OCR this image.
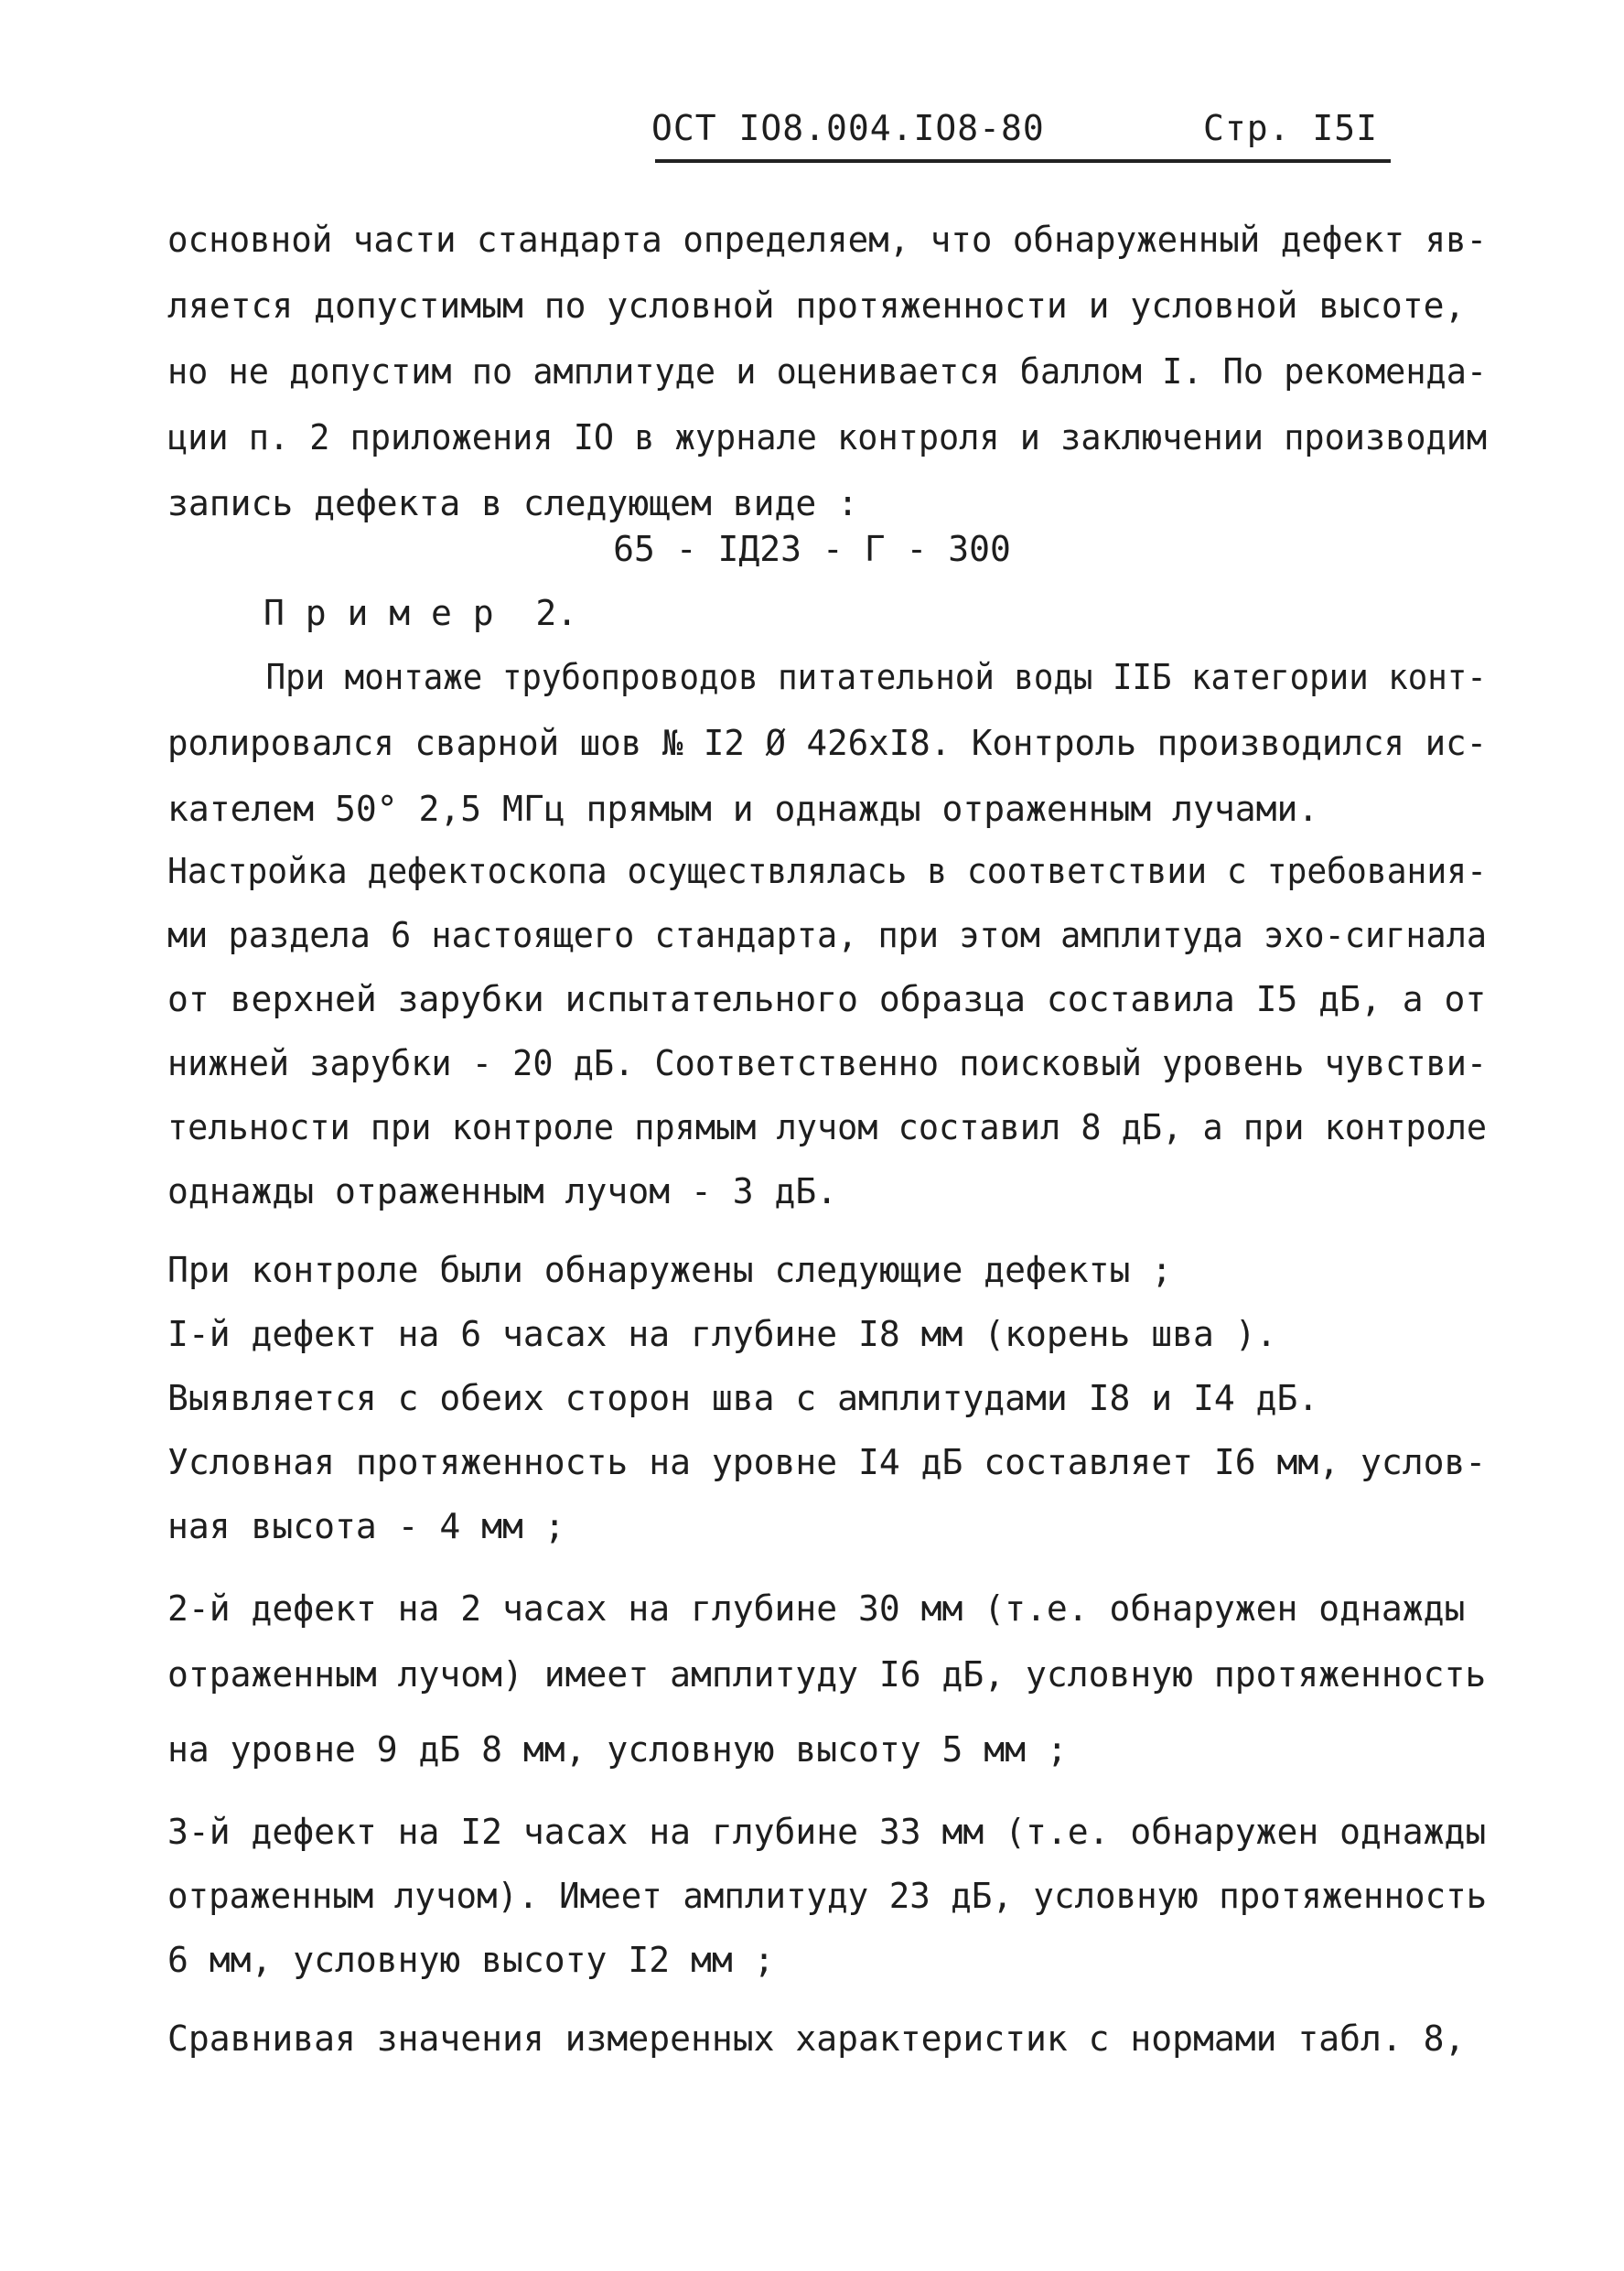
ОСТ IO8.004.IO8-80	Стр. I5I
основной части стандарта определяем, что обнаруженный дефект яв-
ляется допустимым по условной протяженности и условной высоте,
но не допустим по амплитуде и оценивается баллом I. По рекоменда-
ции п. 2 приложения IO в журнале контроля и заключении производим
запись дефекта в следующем виде :
65 - IД23 - Г - 300
П р и м е р  2.
При монтаже трубопроводов питательной воды IIБ категории конт-
ролировался сварной шов № I2 Ø 426xI8. Контроль производился ис-
кателем 50° 2,5 МГц прямым и однажды отраженным лучами.
Настройка дефектоскопа осуществлялась в соответствии с требования-
ми раздела 6 настоящего стандарта, при этом амплитуда эхо-сигнала
от верхней зарубки испытательного образца составила I5 дБ, а от
нижней зарубки - 20 дБ. Соответственно поисковый уровень чувстви-
тельности при контроле прямым лучом составил 8 дБ, а при контроле
однажды отраженным лучом - 3 дБ.
При контроле были обнаружены следующие дефекты ;
I-й дефект на 6 часах на глубине I8 мм (корень шва ).
Выявляется с обеих сторон шва с амплитудами I8 и I4 дБ.
Условная протяженность на уровне I4 дБ составляет I6 мм, услов-
ная высота - 4 мм ;
2-й дефект на 2 часах на глубине 30 мм (т.е. обнаружен однажды
отраженным лучом) имеет амплитуду I6 дБ, условную протяженность
на уровне 9 дБ 8 мм, условную высоту 5 мм ;
3-й дефект на I2 часах на глубине 33 мм (т.е. обнаружен однажды
отраженным лучом). Имеет амплитуду 23 дБ, условную протяженность
6 мм, условную высоту I2 мм ;
Сравнивая значения измеренных характеристик с нормами табл. 8,
